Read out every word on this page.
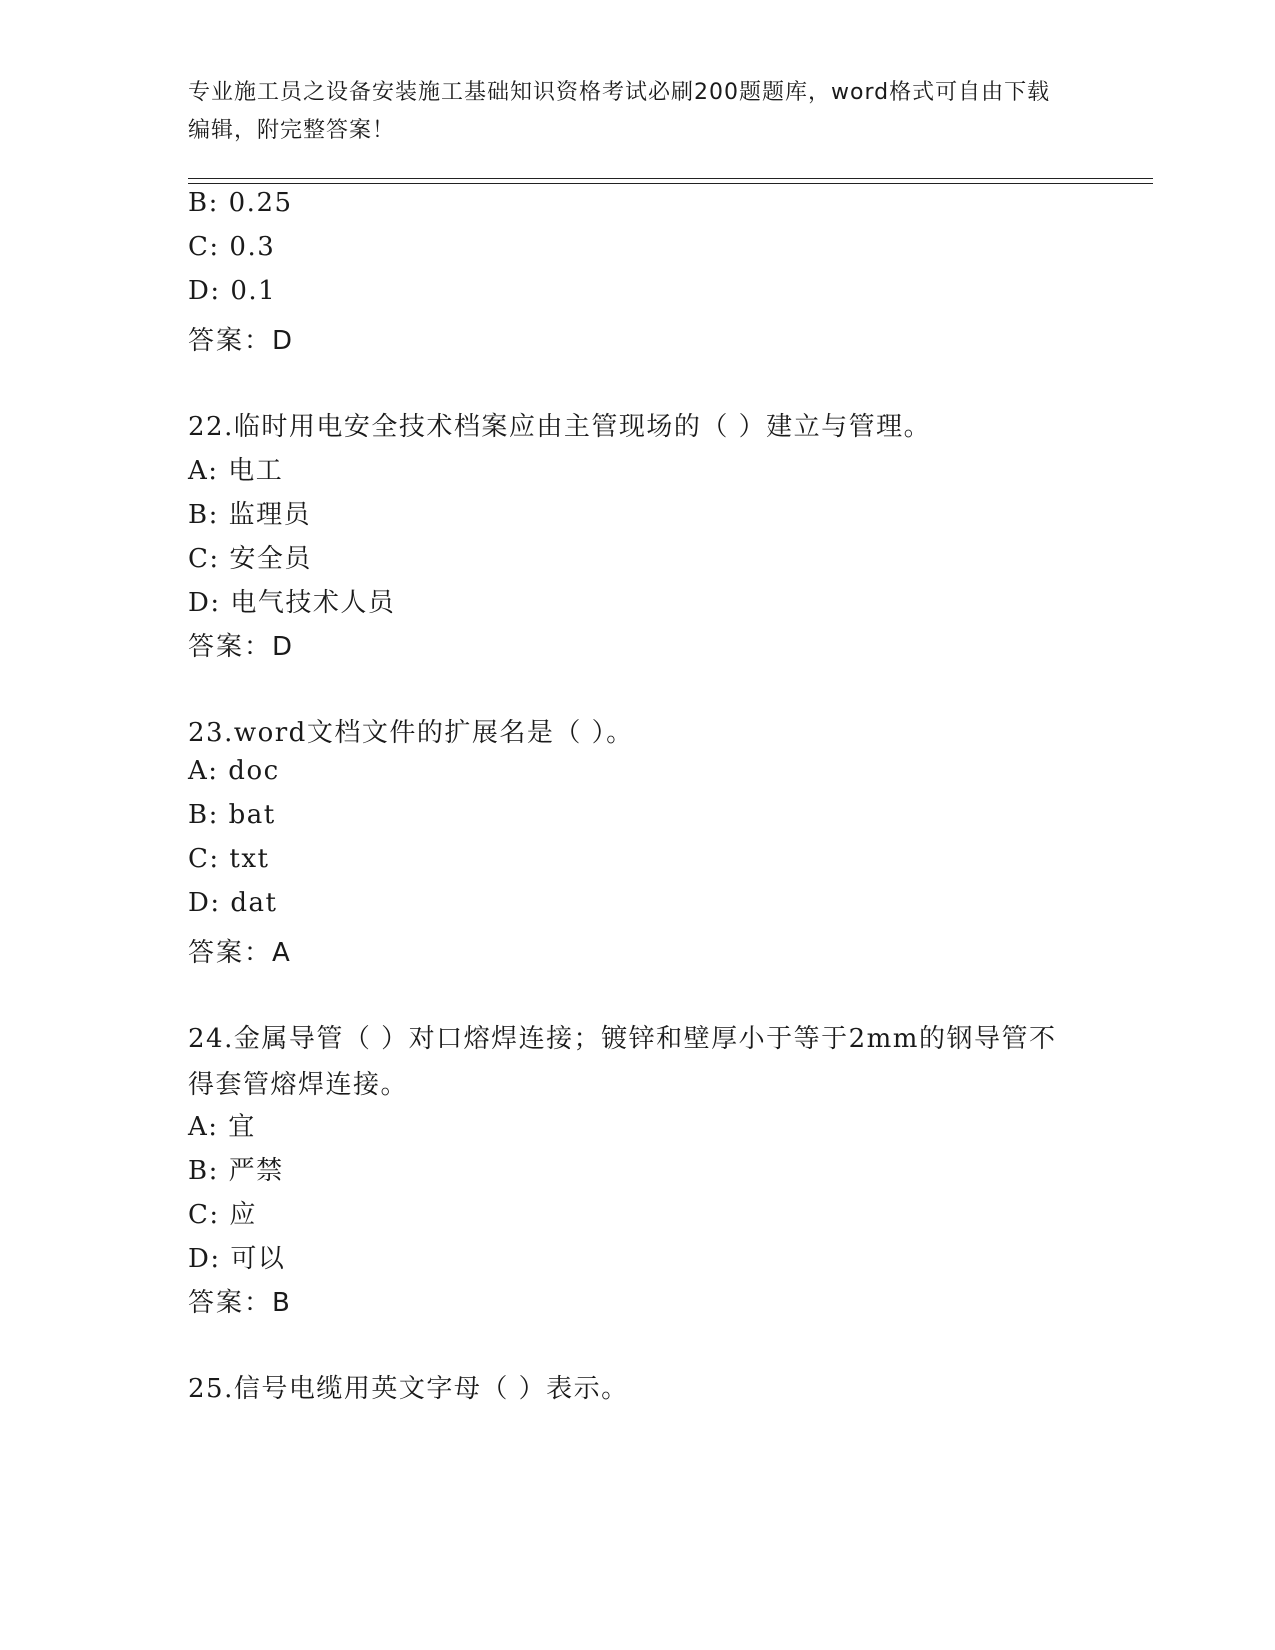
专业施工员之设备安装施工基础知识资格考试必刷200题题库，word格式可自由下载编辑，附完整答案！
B: 0.25
C: 0.3
D: 0.1
答案：D
22.临时用电安全技术档案应由主管现场的（ ）建立与管理。
A: 电工
B: 监理员
C: 安全员
D: 电气技术人员
答案：D
23.word文档文件的扩展名是（ ）。
A: doc
B: bat
C: txt
D: dat
答案：A
24.金属导管（ ）对口熔焊连接；镀锌和壁厚小于等于2mm的钢导管不得套管熔焊连接。
A: 宜
B: 严禁
C: 应
D: 可以
答案：B
25.信号电缆用英文字母（ ）表示。
